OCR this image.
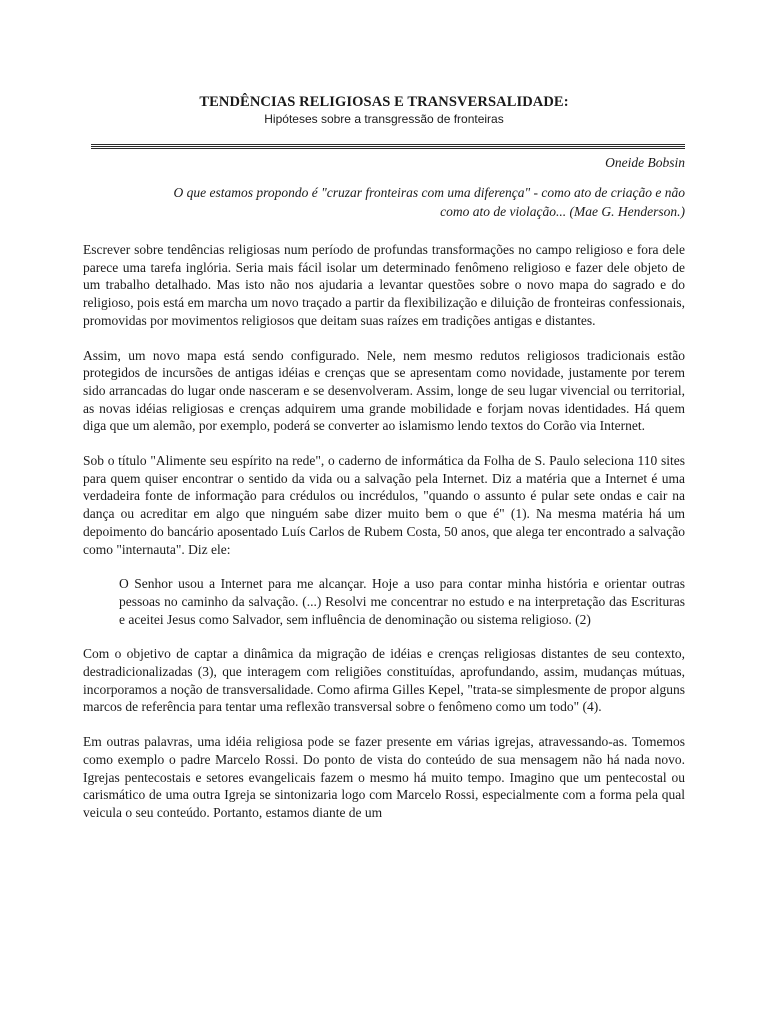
TENDÊNCIAS RELIGIOSAS E TRANSVERSALIDADE:
Hipóteses sobre a transgressão de fronteiras
Oneide Bobsin
O que estamos propondo é "cruzar fronteiras com uma diferença" - como ato de criação e não
como ato de violação... (Mae G. Henderson.)

Escrever sobre tendências religiosas num período de profundas transformações no campo religioso e fora dele parece uma tarefa inglória. Seria mais fácil isolar um determinado fenômeno religioso e fazer dele objeto de um trabalho detalhado. Mas isto não nos ajudaria a levantar questões sobre o novo mapa do sagrado e do religioso, pois está em marcha um novo traçado a partir da flexibilização e diluição de fronteiras confessionais, promovidas por movimentos religiosos que deitam suas raízes em tradições antigas e distantes.

Assim, um novo mapa está sendo configurado. Nele, nem mesmo redutos religiosos tradicionais estão protegidos de incursões de antigas idéias e crenças que se apresentam como novidade, justamente por terem sido arrancadas do lugar onde nasceram e se desenvolveram. Assim, longe de seu lugar vivencial ou territorial, as novas idéias religiosas e crenças adquirem uma grande mobilidade e forjam novas identidades. Há quem diga que um alemão, por exemplo, poderá se converter ao islamismo lendo textos do Corão via Internet.

Sob o título "Alimente seu espírito na rede", o caderno de informática da Folha de S. Paulo seleciona 110 sites para quem quiser encontrar o sentido da vida ou a salvação pela Internet. Diz a matéria que a Internet é uma verdadeira fonte de informação para crédulos ou incrédulos, "quando o assunto é pular sete ondas e cair na dança ou acreditar em algo que ninguém sabe dizer muito bem o que é" (1). Na mesma matéria há um depoimento do bancário aposentado Luís Carlos de Rubem Costa, 50 anos, que alega ter encontrado a salvação como "internauta". Diz ele:

O Senhor usou a Internet para me alcançar. Hoje a uso para contar minha história e orientar outras pessoas no caminho da salvação. (...) Resolvi me concentrar no estudo e na interpretação das Escrituras e aceitei Jesus como Salvador, sem influência de denominação ou sistema religioso. (2)

Com o objetivo de captar a dinâmica da migração de idéias e crenças religiosas distantes de seu contexto, destradicionalizadas (3), que interagem com religiões constituídas, aprofundando, assim, mudanças mútuas, incorporamos a noção de transversalidade. Como afirma Gilles Kepel, "trata-se simplesmente de propor alguns marcos de referência para tentar uma reflexão transversal sobre o fenômeno como um todo" (4).

Em outras palavras, uma idéia religiosa pode se fazer presente em várias igrejas, atravessando-as. Tomemos como exemplo o padre Marcelo Rossi. Do ponto de vista do conteúdo de sua mensagem não há nada novo. Igrejas pentecostais e setores evangelicais fazem o mesmo há muito tempo. Imagino que um pentecostal ou carismático de uma outra Igreja se sintonizaria logo com Marcelo Rossi, especialmente com a forma pela qual veicula o seu conteúdo. Portanto, estamos diante de um
